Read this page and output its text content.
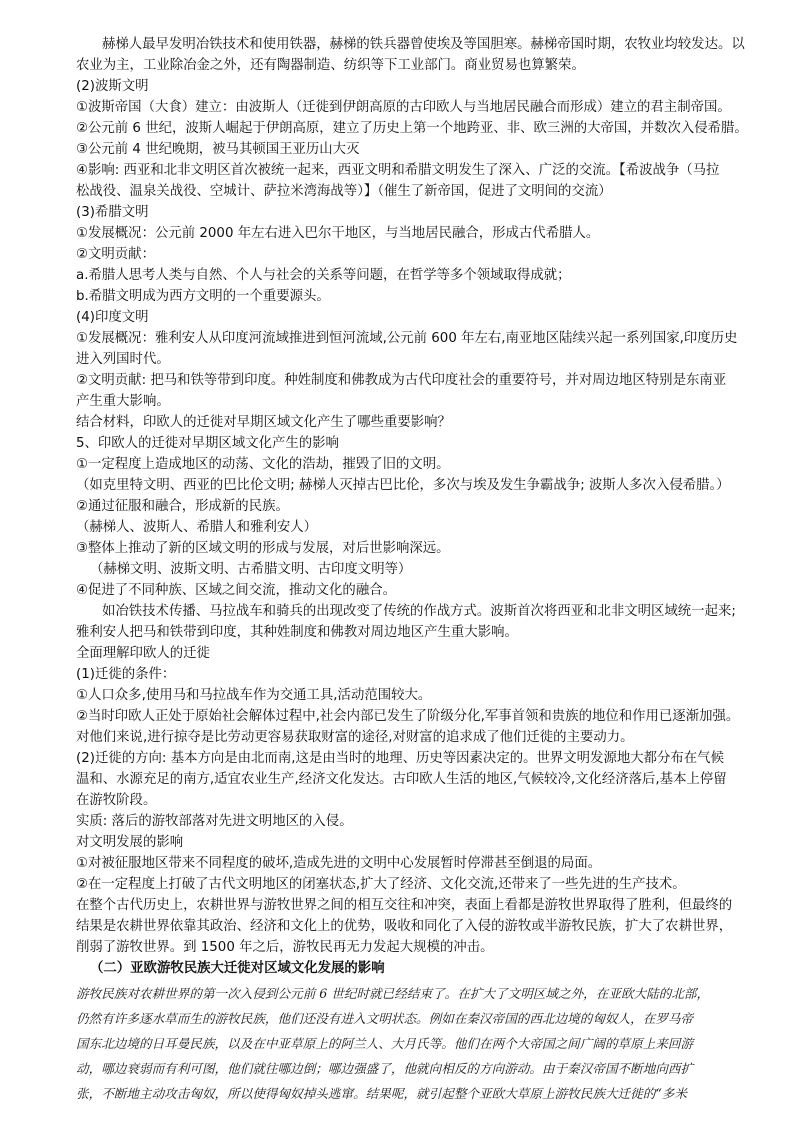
赫梯人最早发明冶铁技术和使用铁器，赫梯的铁兵器曾使埃及等国胆寒。赫梯帝国时期，农牧业均较发达。以
农业为主，工业除冶金之外，还有陶器制造、纺织等下工业部门。商业贸易也算繁荣。
(2)波斯文明
①波斯帝国（大食）建立：由波斯人（迁徙到伊朗高原的古印欧人与当地居民融合而形成）建立的君主制帝国。
②公元前 6 世纪，波斯人崛起于伊朗高原，建立了历史上第一个地跨亚、非、欧三洲的大帝国，并数次入侵希腊。
③公元前 4 世纪晚期，被马其顿国王亚历山大灭
④影响: 西亚和北非文明区首次被统一起来，西亚文明和希腊文明发生了深入、广泛的交流。【希波战争（马拉
松战役、温泉关战役、空城计、萨拉米湾海战等）】（催生了新帝国，促进了文明间的交流）
(3)希腊文明
①发展概况：公元前 2000 年左右进入巴尔干地区，与当地居民融合，形成古代希腊人。
②文明贡献：
a.希腊人思考人类与自然、个人与社会的关系等问题，在哲学等多个领域取得成就；
b.希腊文明成为西方文明的一个重要源头。
(4)印度文明
①发展概况：雅利安人从印度河流域推进到恒河流域,公元前 600 年左右,南亚地区陆续兴起一系列国家,印度历史
进入列国时代。
②文明贡献: 把马和铁等带到印度。种姓制度和佛教成为古代印度社会的重要符号，并对周边地区特别是东南亚
产生重大影响。
结合材料，印欧人的迁徙对早期区域文化产生了哪些重要影响？
5、印欧人的迁徙对早期区域文化产生的影响
①一定程度上造成地区的动荡、文化的浩劫，摧毁了旧的文明。
（如克里特文明、西亚的巴比伦文明; 赫梯人灭掉古巴比伦，多次与埃及发生争霸战争; 波斯人多次入侵希腊。）
②通过征服和融合，形成新的民族。
（赫梯人、波斯人、希腊人和雅利安人）
③整体上推动了新的区域文明的形成与发展，对后世影响深远。
（赫梯文明、波斯文明、古希腊文明、古印度文明等）
④促进了不同种族、区域之间交流，推动文化的融合。
如冶铁技术传播、马拉战车和骑兵的出现改变了传统的作战方式。波斯首次将西亚和北非文明区域统一起来;
雅利安人把马和铁带到印度，其种姓制度和佛教对周边地区产生重大影响。
全面理解印欧人的迁徙
(1)迁徙的条件：
①人口众多,使用马和马拉战车作为交通工具,活动范围较大。
②当时印欧人正处于原始社会解体过程中,社会内部已发生了阶级分化,军事首领和贵族的地位和作用已逐渐加强。
对他们来说,进行掠夺是比劳动更容易获取财富的途径,对财富的追求成了他们迁徙的主要动力。
(2)迁徙的方向: 基本方向是由北而南,这是由当时的地理、历史等因素决定的。世界文明发源地大都分布在气候
温和、水源充足的南方,适宜农业生产,经济文化发达。古印欧人生活的地区,气候较冷,文化经济落后,基本上停留
在游牧阶段。
实质: 落后的游牧部落对先进文明地区的入侵。
对文明发展的影响
①对被征服地区带来不同程度的破坏,造成先进的文明中心发展暂时停滞甚至倒退的局面。
②在一定程度上打破了古代文明地区的闭塞状态,扩大了经济、文化交流,还带来了一些先进的生产技术。
在整个古代历史上，农耕世界与游牧世界之间的相互交往和冲突，表面上看都是游牧世界取得了胜利，但最终的
结果是农耕世界依靠其政治、经济和文化上的优势，吸收和同化了入侵的游牧或半游牧民族，扩大了农耕世界，
削弱了游牧世界。到 1500 年之后，游牧民再无力发起大规模的冲击。
（二）亚欧游牧民族大迁徙对区域文化发展的影响
游牧民族对农耕世界的第一次入侵到公元前 6 世纪时就已经结束了。在扩大了文明区域之外，在亚欧大陆的北部，
仍然有许多逐水草而生的游牧民族，他们还没有进入文明状态。例如在秦汉帝国的西北边境的匈奴人，在罗马帝
国东北边境的日耳曼民族，以及在中亚草原上的阿兰人、大月氏等。他们在两个大帝国之间广阔的草原上来回游
动，哪边衰弱而有利可图，他们就往哪边倒；哪边强盛了，他就向相反的方向游动。由于秦汉帝国不断地向西扩
张，不断地主动攻击匈奴，所以使得匈奴掉头逃窜。结果呢，就引起整个亚欧大草原上游牧民族大迁徙的“多米
